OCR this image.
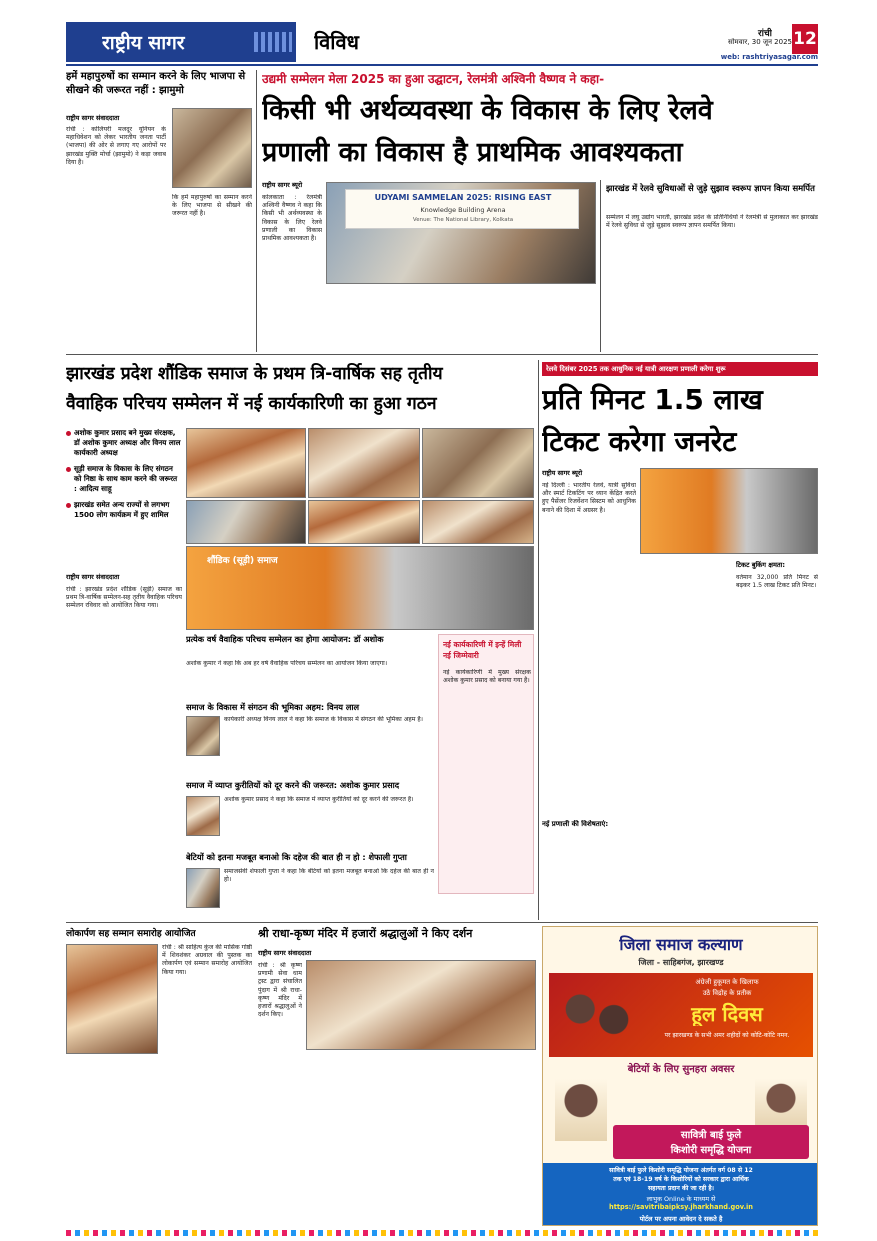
राष्ट्रीय सागर	विविध	रांची
सोमवार, 30 जून 2025 12
web: rashtriyasagar.com
हमें महापुरुषों का सम्मान करने के लिए भाजपा से सीखने की जरूरत नहीं : झामुमो
राष्ट्रीय सागर संवाददाता
रांची : कोलियरी मजदूर यूनियन के महाधिवेशन को लेकर भारतीय जनता पार्टी (भाजपा) की ओर से लगाए गए आरोपों पर झारखंड मुक्ति मोर्चा (झामुमो) ने कड़ा जवाब दिया है।
कि हमें महापुरुषों का सम्मान करने के लिए भाजपा से सीखने की जरूरत नहीं है।
उद्यमी सम्मेलन मेला 2025 का हुआ उद्घाटन, रेलमंत्री अश्विनी वैष्णव ने कहा-
किसी भी अर्थव्यवस्था के विकास के लिए रेलवे
प्रणाली का विकास है प्राथमिक आवश्यकता
राष्ट्रीय सागर ब्यूरो
कोलकाता : रेलमंत्री अश्विनी वैष्णव ने कहा कि किसी भी अर्थव्यवस्था के विकास के लिए रेलवे प्रणाली का विकास प्राथमिक आवश्यकता है।
UDYAMI SAMMELAN 2025: RISING EAST
Knowledge Building Arena
Venue: The National Library, Kolkata
झारखंड में रेलवे सुविधाओं से जुड़े सुझाव स्वरूप ज्ञापन किया समर्पित
सम्मेलन में लघु उद्योग भारती, झारखंड प्रदेश के प्रतिनिधियों ने रेलमंत्री से मुलाकात कर झारखंड में रेलवे सुविधा से जुड़े सुझाव स्वरूप ज्ञापन समर्पित किया।
झारखंड प्रदेश शौंडिक समाज के प्रथम त्रि-वार्षिक सह तृतीय
वैवाहिक परिचय सम्मेलन में नई कार्यकारिणी का हुआ गठन
अशोक कुमार प्रसाद बने मुख्य संरक्षक, डॉ अशोक कुमार अध्यक्ष और विनय लाल कार्यकारी अध्यक्ष
सूड़ी समाज के विकास के लिए संगठन को निष्ठा के साथ काम करने की जरूरत : आदित्य साहू
झारखंड समेत अन्य राज्यों से लगभग 1500 लोग कार्यक्रम में हुए शामिल
राष्ट्रीय सागर संवाददाता
रांची : झारखंड प्रदेश शौंडिक (सूड़ी) समाज का प्रथम त्रि-वार्षिक सम्मेलन-सह तृतीय वैवाहिक परिचय सम्मेलन रविवार को आयोजित किया गया।
शौंडिक (सूड़ी) समाज
प्रत्येक वर्ष वैवाहिक परिचय सम्मेलन का होगा आयोजन: डॉ अशोक
अशोक कुमार ने कहा कि अब हर वर्ष वैवाहिक परिचय सम्मेलन का आयोजन किया जाएगा।
समाज के विकास में संगठन की भूमिका अहम: विनय लाल
कार्यकारी अध्यक्ष विनय लाल ने कहा कि समाज के विकास में संगठन की भूमिका अहम है।
समाज में व्याप्त कुरीतियों को दूर करने की जरूरत: अशोक कुमार प्रसाद
अशोक कुमार प्रसाद ने कहा कि समाज में व्याप्त कुरीतियों को दूर करने की जरूरत है।
बेटियों को इतना मजबूत बनाओ कि दहेज की बात ही न हो : शेफाली गुप्ता
समाजसेवी शेफाली गुप्ता ने कहा कि बेटियों को इतना मजबूत बनाओ कि दहेज की बात ही न हो।
नई कार्यकारिणी में इन्हें मिली नई जिम्मेवारी
नई कार्यकारिणी में मुख्य संरक्षक अशोक कुमार प्रसाद को बनाया गया है।
रेलवे दिसंबर 2025 तक आधुनिक नई यात्री आरक्षण प्रणाली करेगा शुरू
प्रति मिनट 1.5 लाख
टिकट करेगा जनरेट
राष्ट्रीय सागर ब्यूरो
नई दिल्ली : भारतीय रेलवे, यात्री सुविधा और स्मार्ट टिकटिंग पर ध्यान केंद्रित करते हुए पैसेंजर रिजर्वेशन सिस्टम को आधुनिक बनाने की दिशा में अग्रसर है।
नई प्रणाली की विशेषताएं:
टिकट बुकिंग क्षमता:
वर्तमान 32,000 प्रति मिनट से बढ़कर 1.5 लाख टिकट प्रति मिनट।
लोकार्पण सह सम्मान समारोह आयोजित
रांची : श्री साहित्य कुंज की मासिक गोष्ठी में शिवशंकर अग्रवाल की पुस्तक का लोकार्पण एवं सम्मान समारोह आयोजित किया गया।
श्री राधा-कृष्ण मंदिर में हजारों श्रद्धालुओं ने किए दर्शन
राष्ट्रीय सागर संवाददाता
रांची : श्री कृष्ण प्रणामी सेवा धाम ट्रस्ट द्वारा संचालित पुंदाग में श्री राधा-कृष्ण मंदिर में हजारों श्रद्धालुओं ने दर्शन किए।
जिला समाज कल्याण
जिला - साहिबगंज, झारखण्ड
अंग्रेजी हुकूमत के खिलाफ
उठे विद्रोह के प्रतीक
हूल दिवस
पर झारखण्ड के सभी अमर शहीदों को कोटि-कोटि नमन.
बेटियों के लिए सुनहरा अवसर
सावित्री बाई फुले
किशोरी समृद्धि योजना
सावित्री बाई फुले किशोरी समृद्धि योजना अंतर्गत वर्ग 08 से 12
तक एवं 18-19 वर्ष के किशोरियों को सरकार द्वारा आर्थिक
सहायता प्रदान की जा रही है।
लाभुक Online के माध्यम से
https://savitribaipksy.jharkhand.gov.in
पोर्टल पर अपना आवेदन दे सकते है
